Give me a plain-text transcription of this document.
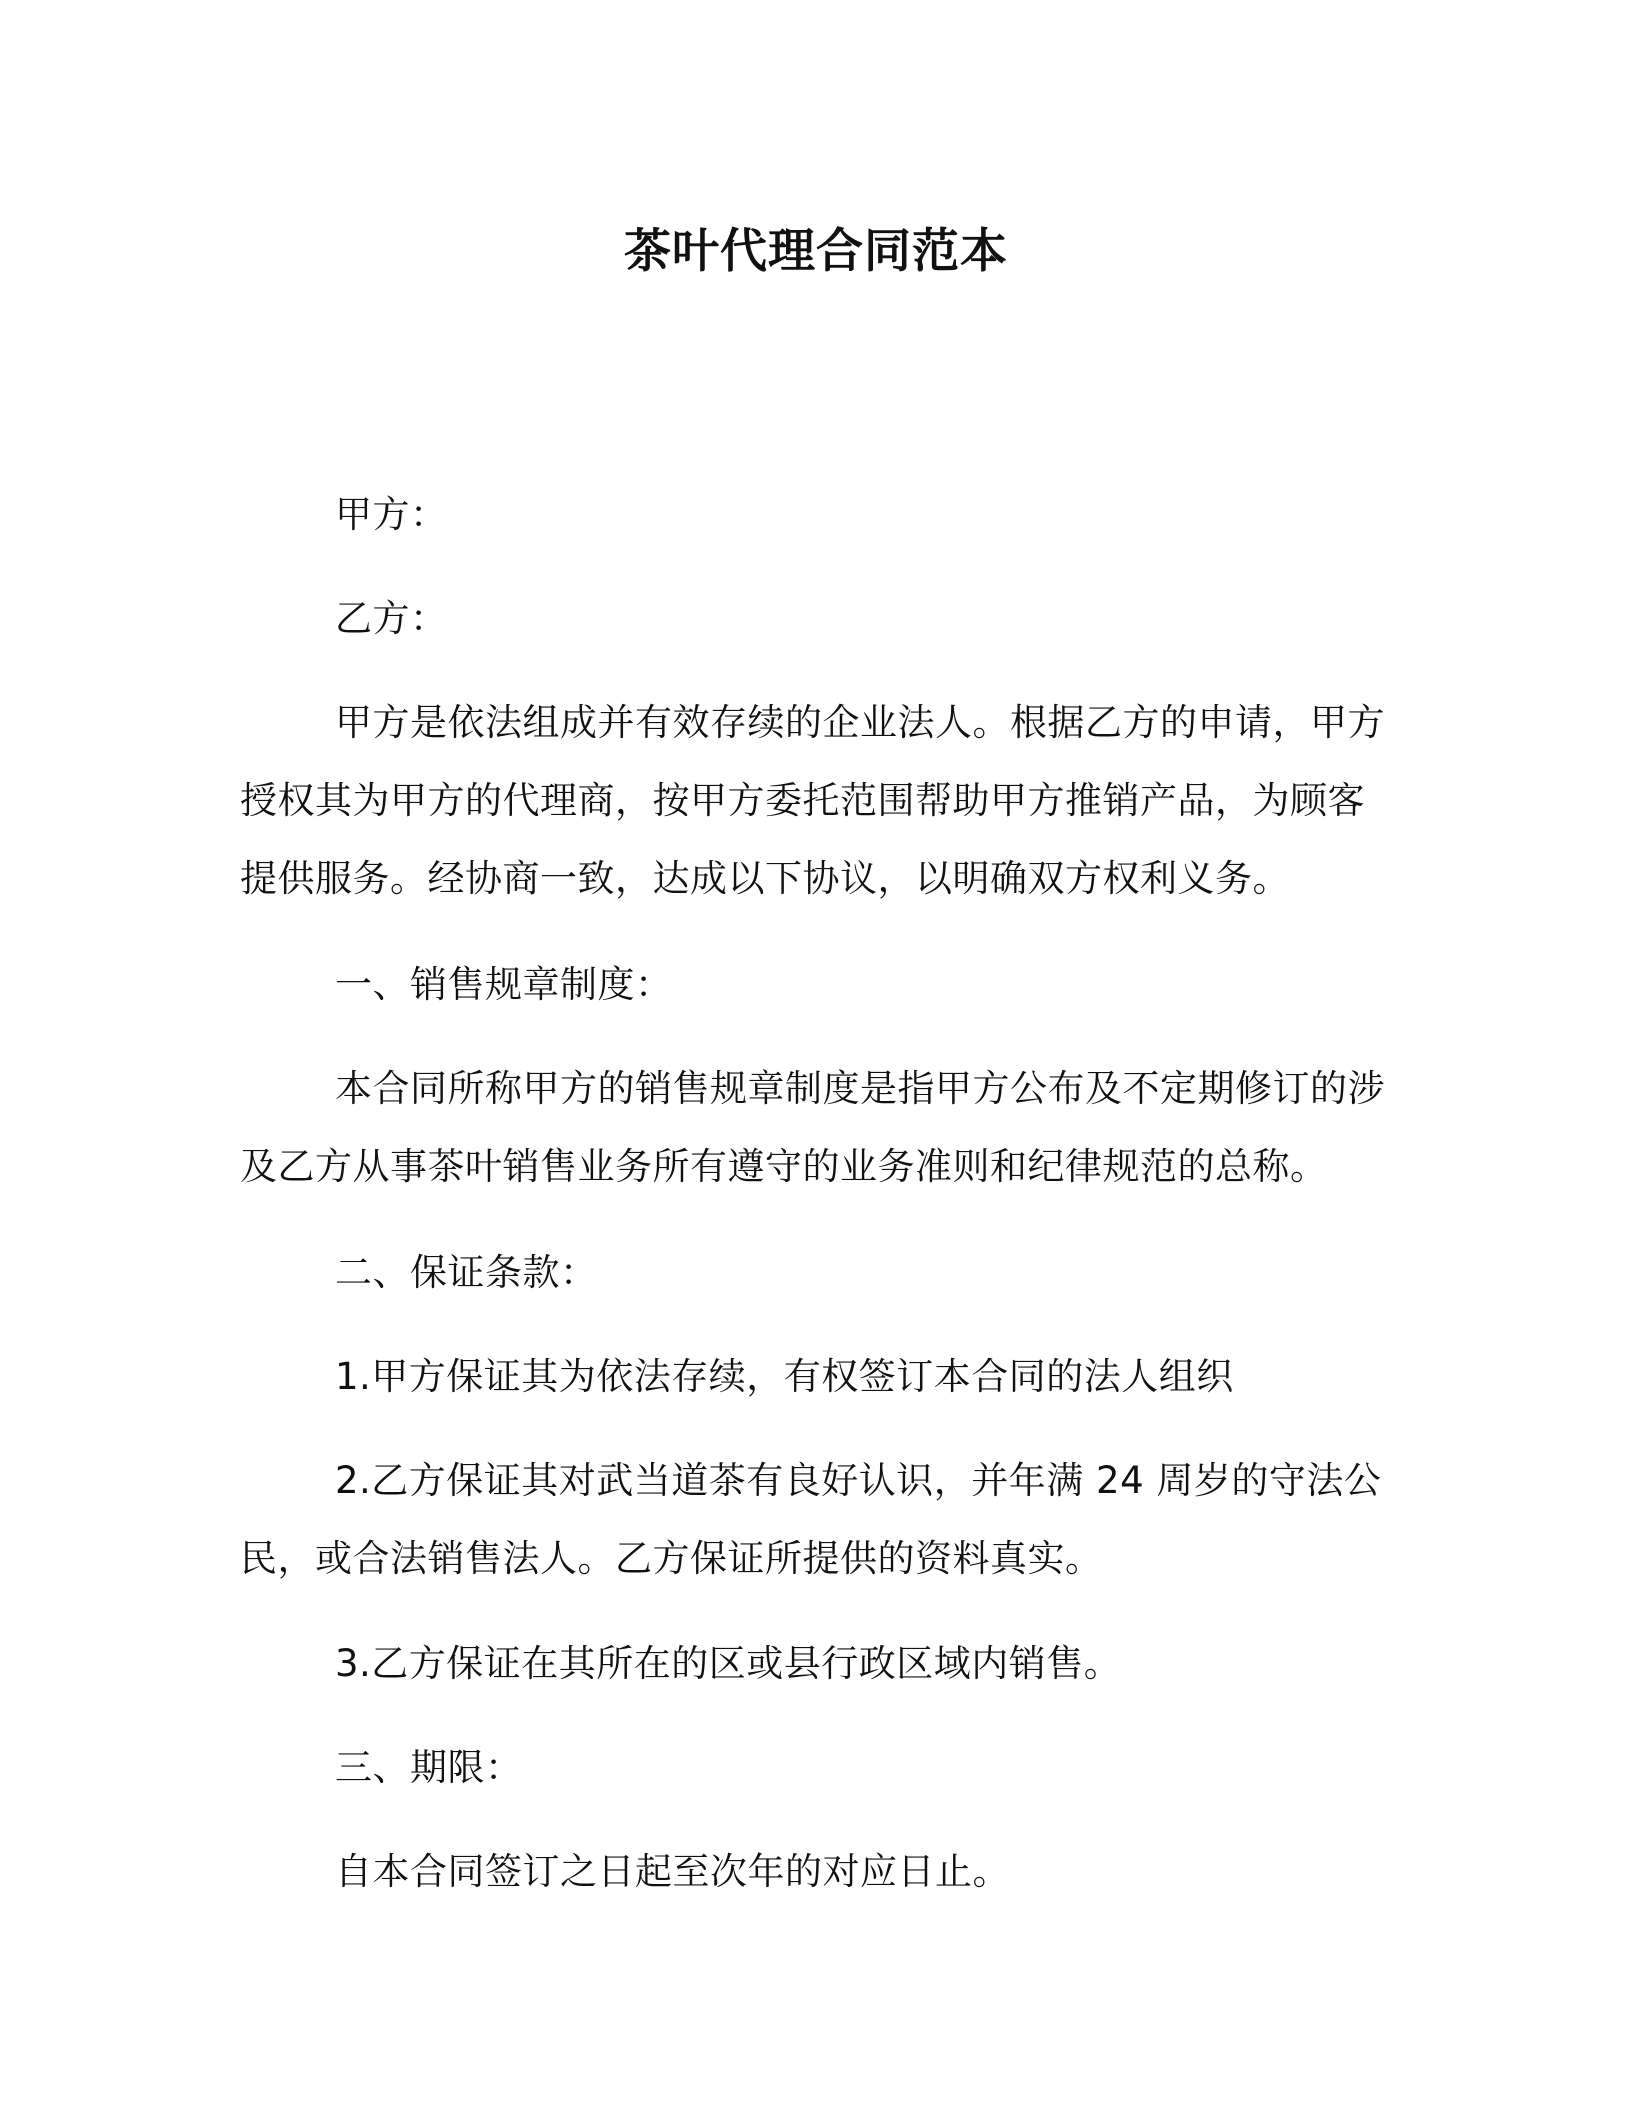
茶叶代理合同范本
甲方：
乙方：
甲方是依法组成并有效存续的企业法人。根据乙方的申请，甲方
授权其为甲方的代理商，按甲方委托范围帮助甲方推销产品，为顾客
提供服务。经协商一致，达成以下协议，以明确双方权利义务。
一、销售规章制度：
本合同所称甲方的销售规章制度是指甲方公布及不定期修订的涉
及乙方从事茶叶销售业务所有遵守的业务准则和纪律规范的总称。
二、保证条款：
1.甲方保证其为依法存续，有权签订本合同的法人组织
2.乙方保证其对武当道茶有良好认识，并年满 24 周岁的守法公
民，或合法销售法人。乙方保证所提供的资料真实。
3.乙方保证在其所在的区或县行政区域内销售。
三、期限：
自本合同签订之日起至次年的对应日止。
